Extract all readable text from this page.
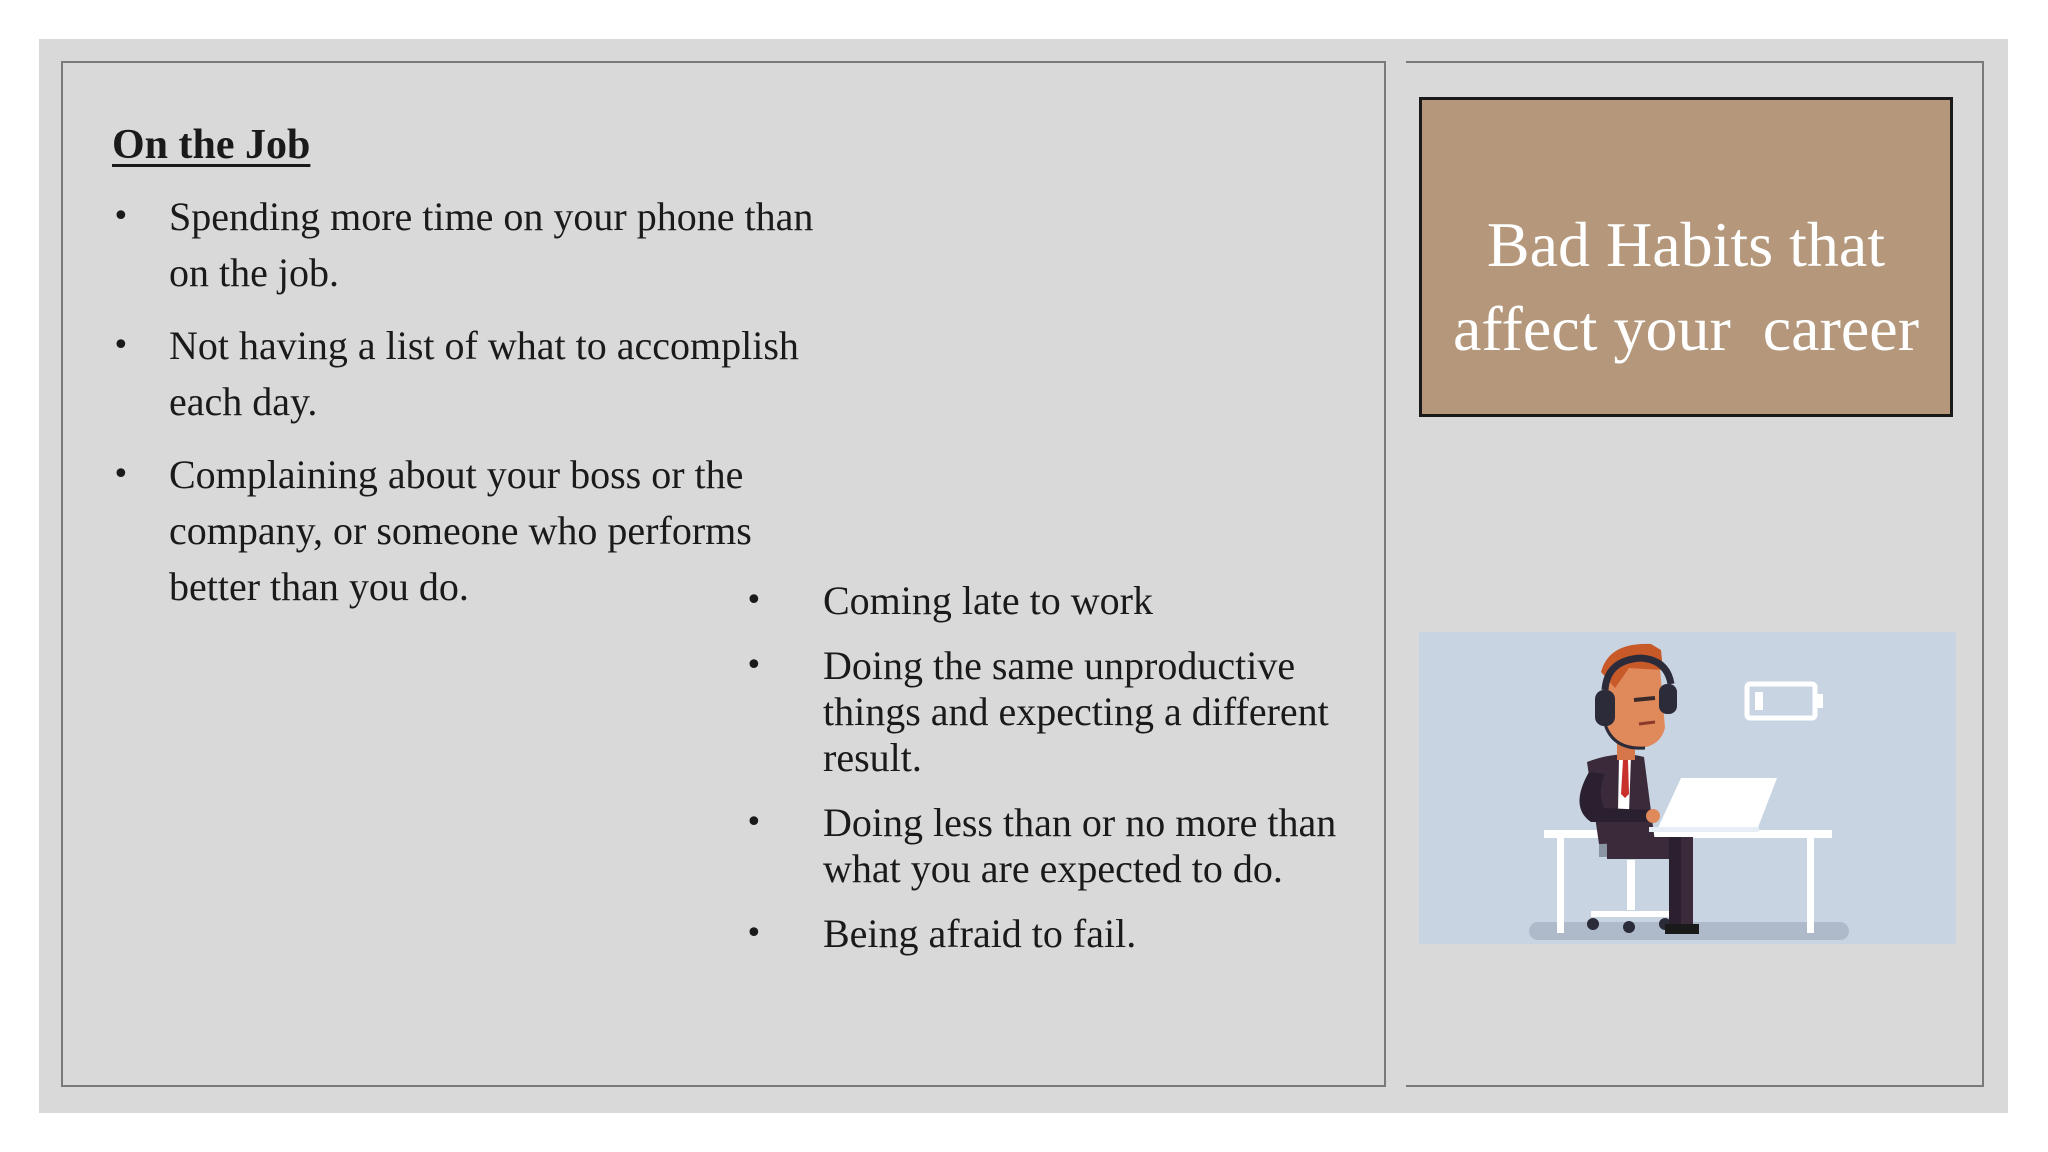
On the Job
• Spending more time on your phone than on the job.
• Not having a list of what to accomplish each day.
• Complaining about your boss or the company, or someone who performs better than you do.	• Coming late to work
• Doing the same unproductive things and expecting a different result.
• Doing less than or no more than what you are expected to do.
• Being afraid to fail.
Bad Habits that
affect your  career
